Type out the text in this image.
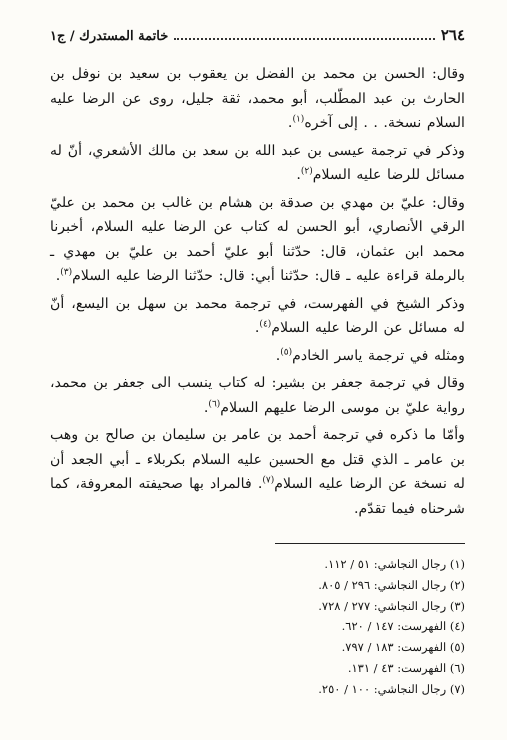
٢٦٤
خاتمة المستدرك / ج١

وقال: الحسن بن محمد بن الفضل بن يعقوب بن سعيد بن نوفل بن الحارث بن عبد المطّلب، أبو محمد، ثقة جليل، روى عن الرضا عليه السلام نسخة. . . إلى آخره$^{(١)}$.

وذكر في ترجمة عيسى بن عبد الله بن سعد بن مالك الأشعري، أنّ له مسائل للرضا عليه السلام$^{(٢)}$.

وقال: عليّ بن مهدي بن صدقة بن هشام بن غالب بن محمد بن عليّ الرقي الأنصاري، أبو الحسن له كتاب عن الرضا عليه السلام، أخبرنا محمد ابن عثمان، قال: حدّثنا أبو عليّ أحمد بن عليّ بن مهدي ـ بالرملة قراءة عليه ـ قال: حدّثنا أبي: قال: حدّثنا الرضا عليه السلام$^{(٣)}$.

وذكر الشيخ في الفهرست، في ترجمة محمد بن سهل بن اليسع، أنّ له مسائل عن الرضا عليه السلام$^{(٤)}$.

ومثله في ترجمة ياسر الخادم$^{(٥)}$.

وقال في ترجمة جعفر بن بشير: له كتاب ينسب الى جعفر بن محمد، رواية عليّ بن موسى الرضا عليهم السلام$^{(٦)}$.

وأمّا ما ذكره في ترجمة أحمد بن عامر بن سليمان بن صالح بن وهب بن عامر ـ الذي قتل مع الحسين عليه السلام بكربلاء ـ أبي الجعد أن له نسخة عن الرضا عليه السلام$^{(٧)}$. فالمراد بها صحيفته المعروفة، كما شرحناه فيما تقدّم.

(١) رجال النجاشي: ٥١ / ١١٢.

(٢) رجال النجاشي: ٢٩٦ / ٨٠٥.

(٣) رجال النجاشي: ٢٧٧ / ٧٢٨.

(٤) الفهرست: ١٤٧ / ٦٢٠.

(٥) الفهرست: ١٨٣ / ٧٩٧.

(٦) الفهرست: ٤٣ / ١٣١.

(٧) رجال النجاشي: ١٠٠ / ٢٥٠.
